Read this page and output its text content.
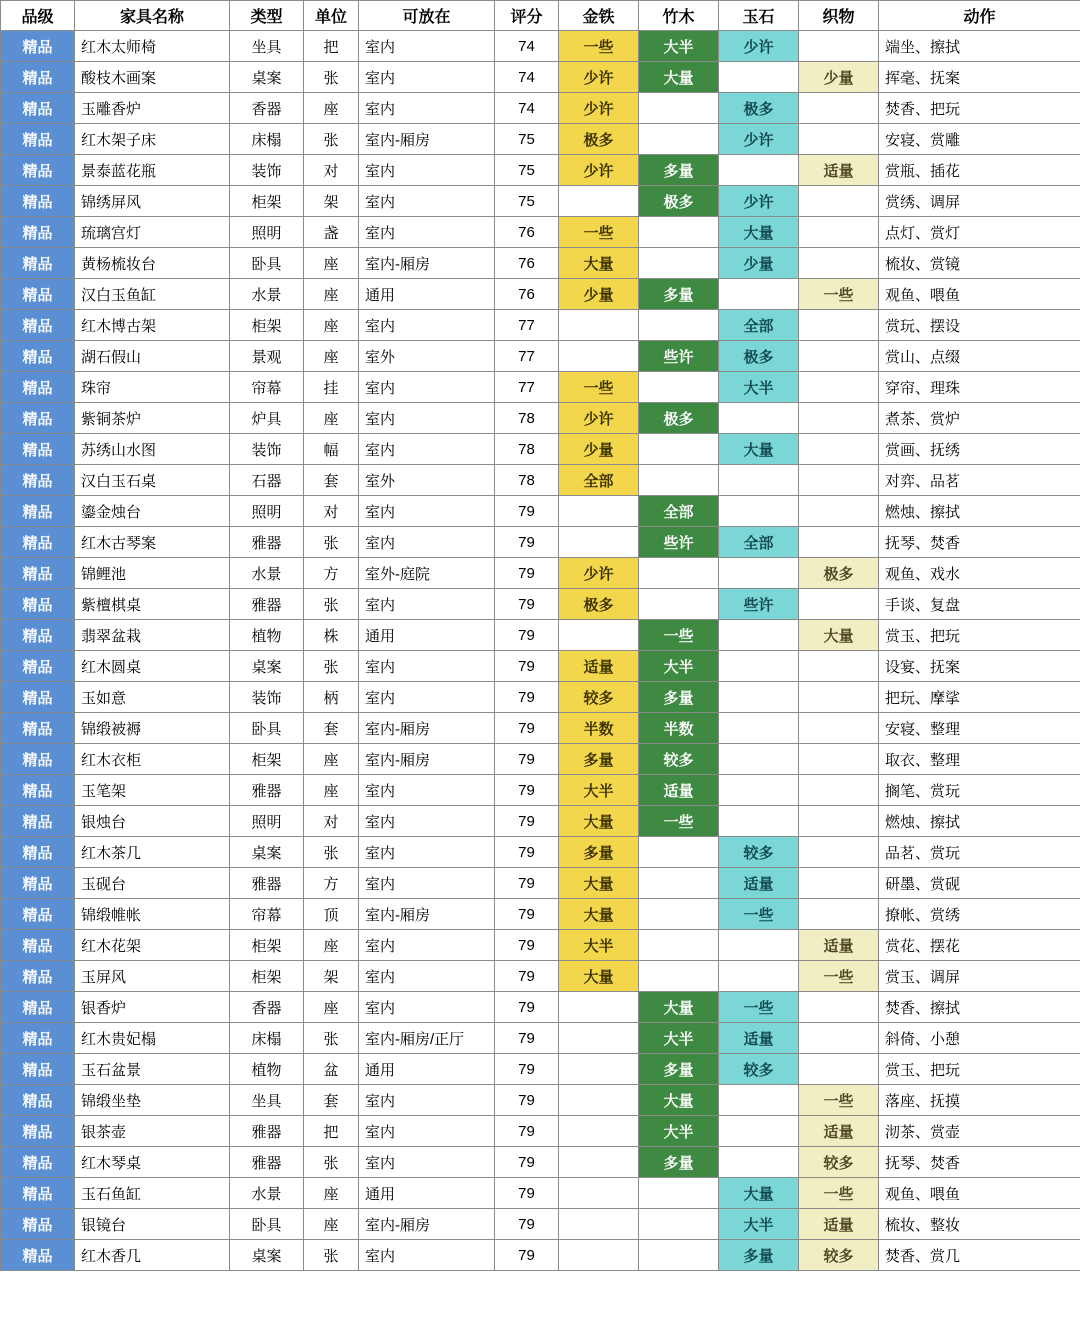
品级	家具名称	类型	单位	可放在	评分	金铁	竹木	玉石	织物	动作
精品	红木太师椅	坐具	把	室内	74	一些	大半	少许		端坐、擦拭
精品	酸枝木画案	桌案	张	室内	74	少许	大量		少量	挥毫、抚案
精品	玉雕香炉	香器	座	室内	74	少许		极多		焚香、把玩
精品	红木架子床	床榻	张	室内-厢房	75	极多		少许		安寝、赏雕
精品	景泰蓝花瓶	装饰	对	室内	75	少许	多量		适量	赏瓶、插花
精品	锦绣屏风	柜架	架	室内	75		极多	少许		赏绣、调屏
精品	琉璃宫灯	照明	盏	室内	76	一些		大量		点灯、赏灯
精品	黄杨梳妆台	卧具	座	室内-厢房	76	大量		少量		梳妆、赏镜
精品	汉白玉鱼缸	水景	座	通用	76	少量	多量		一些	观鱼、喂鱼
精品	红木博古架	柜架	座	室内	77			全部		赏玩、摆设
精品	湖石假山	景观	座	室外	77		些许	极多		赏山、点缀
精品	珠帘	帘幕	挂	室内	77	一些		大半		穿帘、理珠
精品	紫铜茶炉	炉具	座	室内	78	少许	极多			煮茶、赏炉
精品	苏绣山水图	装饰	幅	室内	78	少量		大量		赏画、抚绣
精品	汉白玉石桌	石器	套	室外	78	全部				对弈、品茗
精品	鎏金烛台	照明	对	室内	79		全部			燃烛、擦拭
精品	红木古琴案	雅器	张	室内	79		些许	全部		抚琴、焚香
精品	锦鲤池	水景	方	室外-庭院	79	少许			极多	观鱼、戏水
精品	紫檀棋桌	雅器	张	室内	79	极多		些许		手谈、复盘
精品	翡翠盆栽	植物	株	通用	79		一些		大量	赏玉、把玩
精品	红木圆桌	桌案	张	室内	79	适量	大半			设宴、抚案
精品	玉如意	装饰	柄	室内	79	较多	多量			把玩、摩挲
精品	锦缎被褥	卧具	套	室内-厢房	79	半数	半数			安寝、整理
精品	红木衣柜	柜架	座	室内-厢房	79	多量	较多			取衣、整理
精品	玉笔架	雅器	座	室内	79	大半	适量			搁笔、赏玩
精品	银烛台	照明	对	室内	79	大量	一些			燃烛、擦拭
精品	红木茶几	桌案	张	室内	79	多量		较多		品茗、赏玩
精品	玉砚台	雅器	方	室内	79	大量		适量		研墨、赏砚
精品	锦缎帷帐	帘幕	顶	室内-厢房	79	大量		一些		撩帐、赏绣
精品	红木花架	柜架	座	室内	79	大半			适量	赏花、摆花
精品	玉屏风	柜架	架	室内	79	大量			一些	赏玉、调屏
精品	银香炉	香器	座	室内	79		大量	一些		焚香、擦拭
精品	红木贵妃榻	床榻	张	室内-厢房/正厅	79		大半	适量		斜倚、小憩
精品	玉石盆景	植物	盆	通用	79		多量	较多		赏玉、把玩
精品	锦缎坐垫	坐具	套	室内	79		大量		一些	落座、抚摸
精品	银茶壶	雅器	把	室内	79		大半		适量	沏茶、赏壶
精品	红木琴桌	雅器	张	室内	79		多量		较多	抚琴、焚香
精品	玉石鱼缸	水景	座	通用	79			大量	一些	观鱼、喂鱼
精品	银镜台	卧具	座	室内-厢房	79			大半	适量	梳妆、整妆
精品	红木香几	桌案	张	室内	79			多量	较多	焚香、赏几
